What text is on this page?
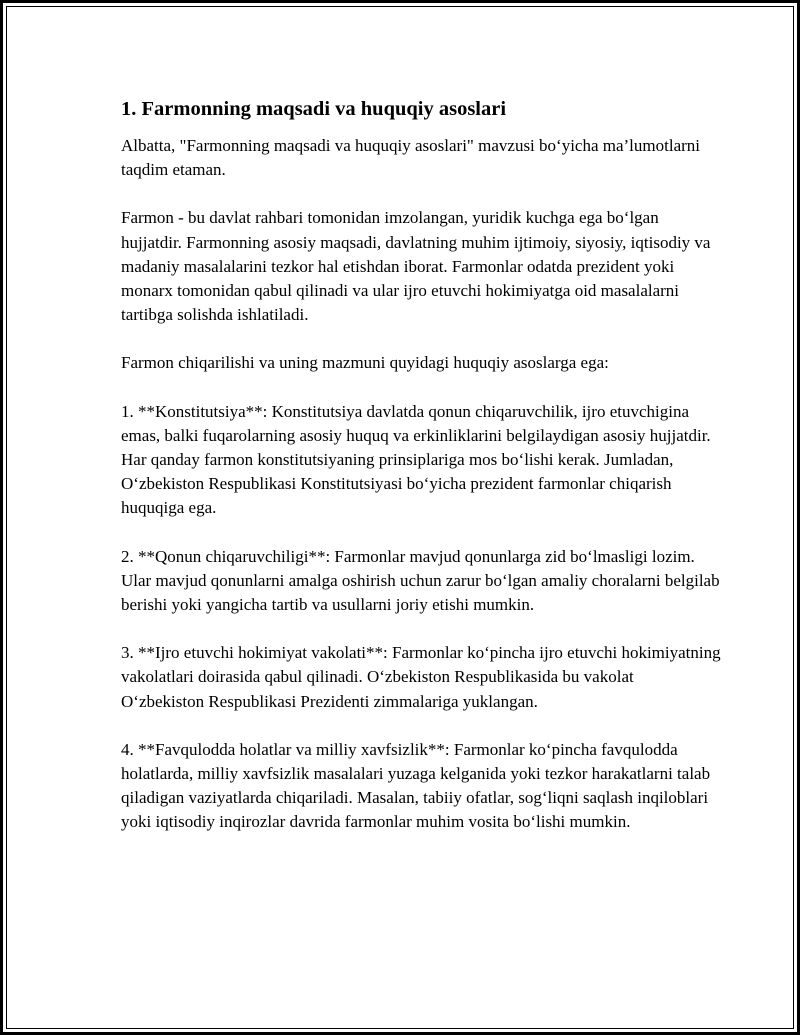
1. Farmonning maqsadi va huquqiy asoslari

Albatta, "Farmonning maqsadi va huquqiy asoslari" mavzusi bo‘yicha ma’lumotlarni taqdim etaman.

Farmon - bu davlat rahbari tomonidan imzolangan, yuridik kuchga ega bo‘lgan hujjatdir. Farmonning asosiy maqsadi, davlatning muhim ijtimoiy, siyosiy, iqtisodiy va madaniy masalalarini tezkor hal etishdan iborat. Farmonlar odatda prezident yoki monarx tomonidan qabul qilinadi va ular ijro etuvchi hokimiyatga oid masalalarni tartibga solishda ishlatiladi.

Farmon chiqarilishi va uning mazmuni quyidagi huquqiy asoslarga ega:

1. **Konstitutsiya**: Konstitutsiya davlatda qonun chiqaruvchilik, ijro etuvchigina emas, balki fuqarolarning asosiy huquq va erkinliklarini belgilaydigan asosiy hujjatdir. Har qanday farmon konstitutsiyaning prinsiplariga mos bo‘lishi kerak. Jumladan, O‘zbekiston Respublikasi Konstitutsiyasi bo‘yicha prezident farmonlar chiqarish huquqiga ega.

2. **Qonun chiqaruvchiligi**: Farmonlar mavjud qonunlarga zid bo‘lmasligi lozim. Ular mavjud qonunlarni amalga oshirish uchun zarur bo‘lgan amaliy choralarni belgilab berishi yoki yangicha tartib va usullarni joriy etishi mumkin.

3. **Ijro etuvchi hokimiyat vakolati**: Farmonlar ko‘pincha ijro etuvchi hokimiyatning vakolatlari doirasida qabul qilinadi. O‘zbekiston Respublikasida bu vakolat O‘zbekiston Respublikasi Prezidenti zimmalariga yuklangan.

4. **Favqulodda holatlar va milliy xavfsizlik**: Farmonlar ko‘pincha favqulodda holatlarda, milliy xavfsizlik masalalari yuzaga kelganida yoki tezkor harakatlarni talab qiladigan vaziyatlarda chiqariladi. Masalan, tabiiy ofatlar, sog‘liqni saqlash inqiloblari yoki iqtisodiy inqirozlar davrida farmonlar muhim vosita bo‘lishi mumkin.
